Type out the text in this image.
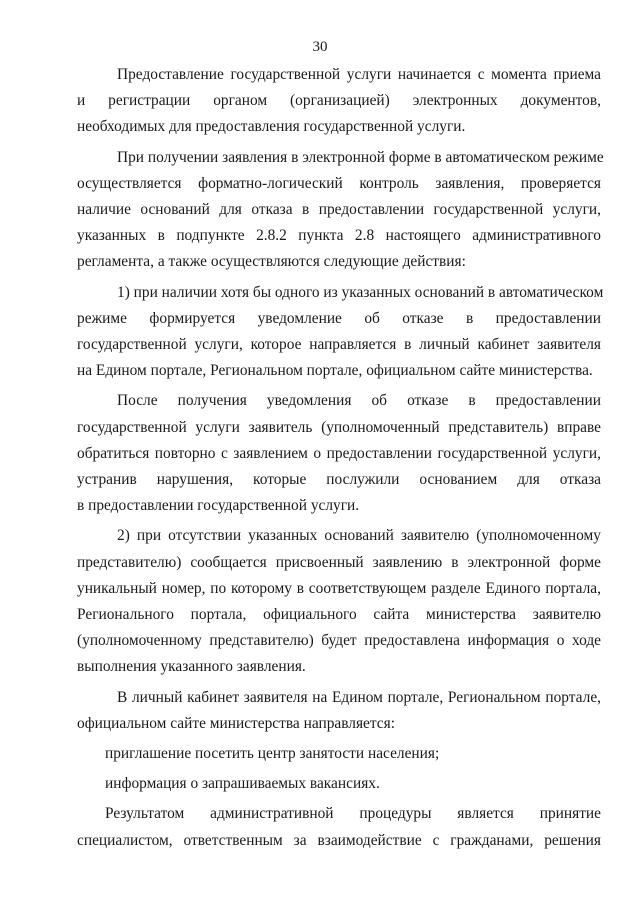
30
Предоставление государственной услуги начинается с момента приема
и регистрации органом (организацией) электронных документов,
необходимых для предоставления государственной услуги.
При получении заявления в электронной форме в автоматическом режиме
осуществляется форматно-логический контроль заявления, проверяется
наличие оснований для отказа в предоставлении государственной услуги,
указанных в подпункте 2.8.2 пункта 2.8 настоящего административного
регламента, а также осуществляются следующие действия:
1) при наличии хотя бы одного из указанных оснований в автоматическом
режиме формируется уведомление об отказе в предоставлении
государственной услуги, которое направляется в личный кабинет заявителя
на Едином портале, Региональном портале, официальном сайте министерства.
После получения уведомления об отказе в предоставлении
государственной услуги заявитель (уполномоченный представитель) вправе
обратиться повторно с заявлением о предоставлении государственной услуги,
устранив нарушения, которые послужили основанием для отказа
в предоставлении государственной услуги.
2) при отсутствии указанных оснований заявителю (уполномоченному
представителю) сообщается присвоенный заявлению в электронной форме
уникальный номер, по которому в соответствующем разделе Единого портала,
Регионального портала, официального сайта министерства заявителю
(уполномоченному представителю) будет предоставлена информация о ходе
выполнения указанного заявления.
В личный кабинет заявителя на Едином портале, Региональном портале,
официальном сайте министерства направляется:
приглашение посетить центр занятости населения;
информация о запрашиваемых вакансиях.
Результатом административной процедуры является принятие
специалистом, ответственным за взаимодействие с гражданами, решения
